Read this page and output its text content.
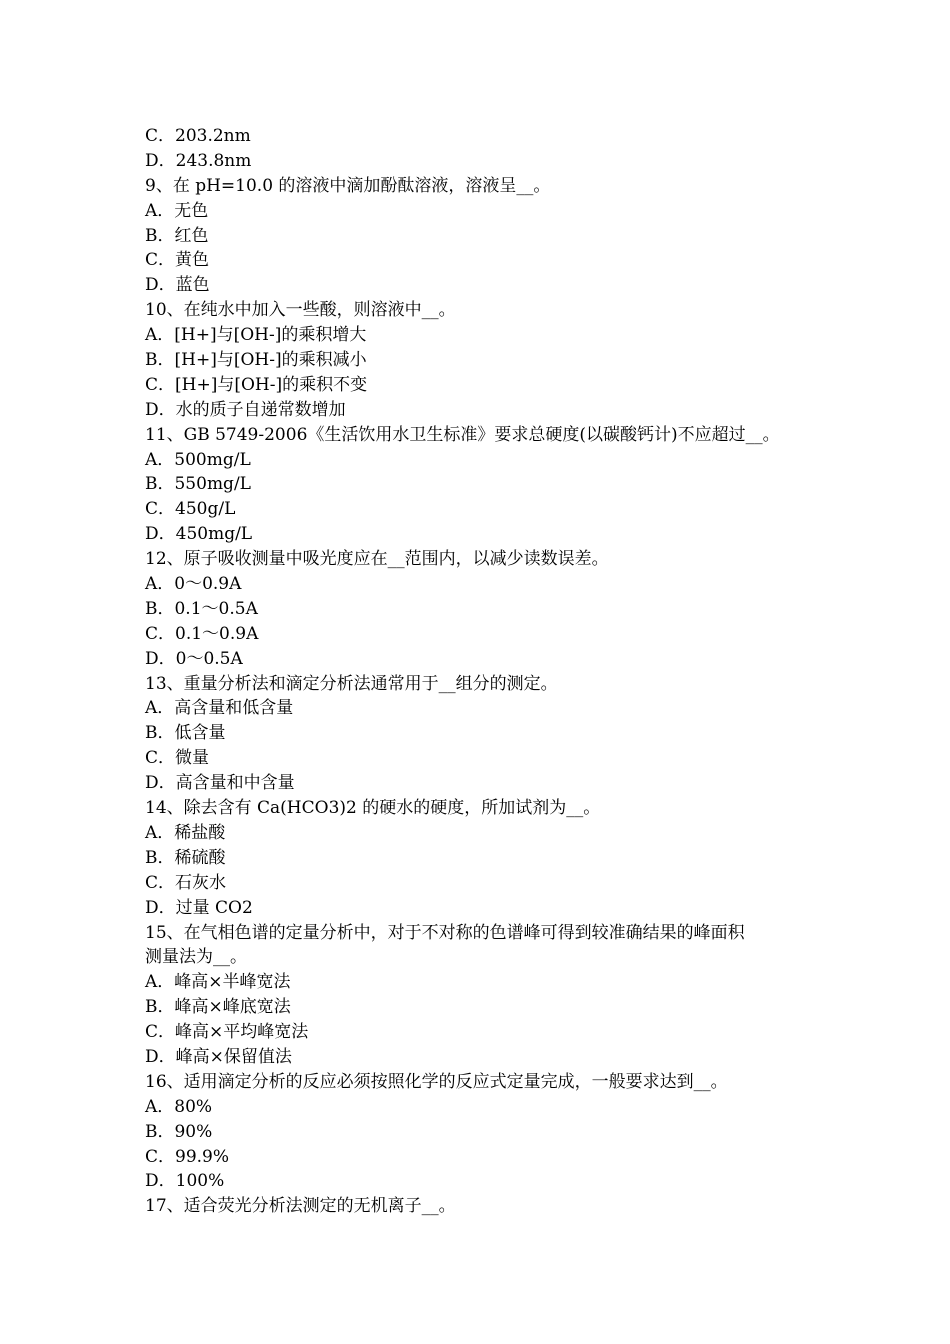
C．203.2nm
D．243.8nm
9、在 pH=10.0 的溶液中滴加酚酞溶液，溶液呈__。
A．无色
B．红色
C．黄色
D．蓝色
10、在纯水中加入一些酸，则溶液中__。
A．[H+]与[OH-]的乘积增大
B．[H+]与[OH-]的乘积减小
C．[H+]与[OH-]的乘积不变
D．水的质子自递常数增加
11、GB 5749-2006《生活饮用水卫生标准》要求总硬度(以碳酸钙计)不应超过__。
A．500mg/L
B．550mg/L
C．450g/L
D．450mg/L
12、原子吸收测量中吸光度应在__范围内，以减少读数误差。
A．0～0.9A
B．0.1～0.5A
C．0.1～0.9A
D．0～0.5A
13、重量分析法和滴定分析法通常用于__组分的测定。
A．高含量和低含量
B．低含量
C．微量
D．高含量和中含量
14、除去含有 Ca(HCO3)2 的硬水的硬度，所加试剂为__。
A．稀盐酸
B．稀硫酸
C．石灰水
D．过量 CO2
15、在气相色谱的定量分析中，对于不对称的色谱峰可得到较准确结果的峰面积
测量法为__。
A．峰高×半峰宽法
B．峰高×峰底宽法
C．峰高×平均峰宽法
D．峰高×保留值法
16、适用滴定分析的反应必须按照化学的反应式定量完成，一般要求达到__。
A．80%
B．90%
C．99.9%
D．100%
17、适合荧光分析法测定的无机离子__。
